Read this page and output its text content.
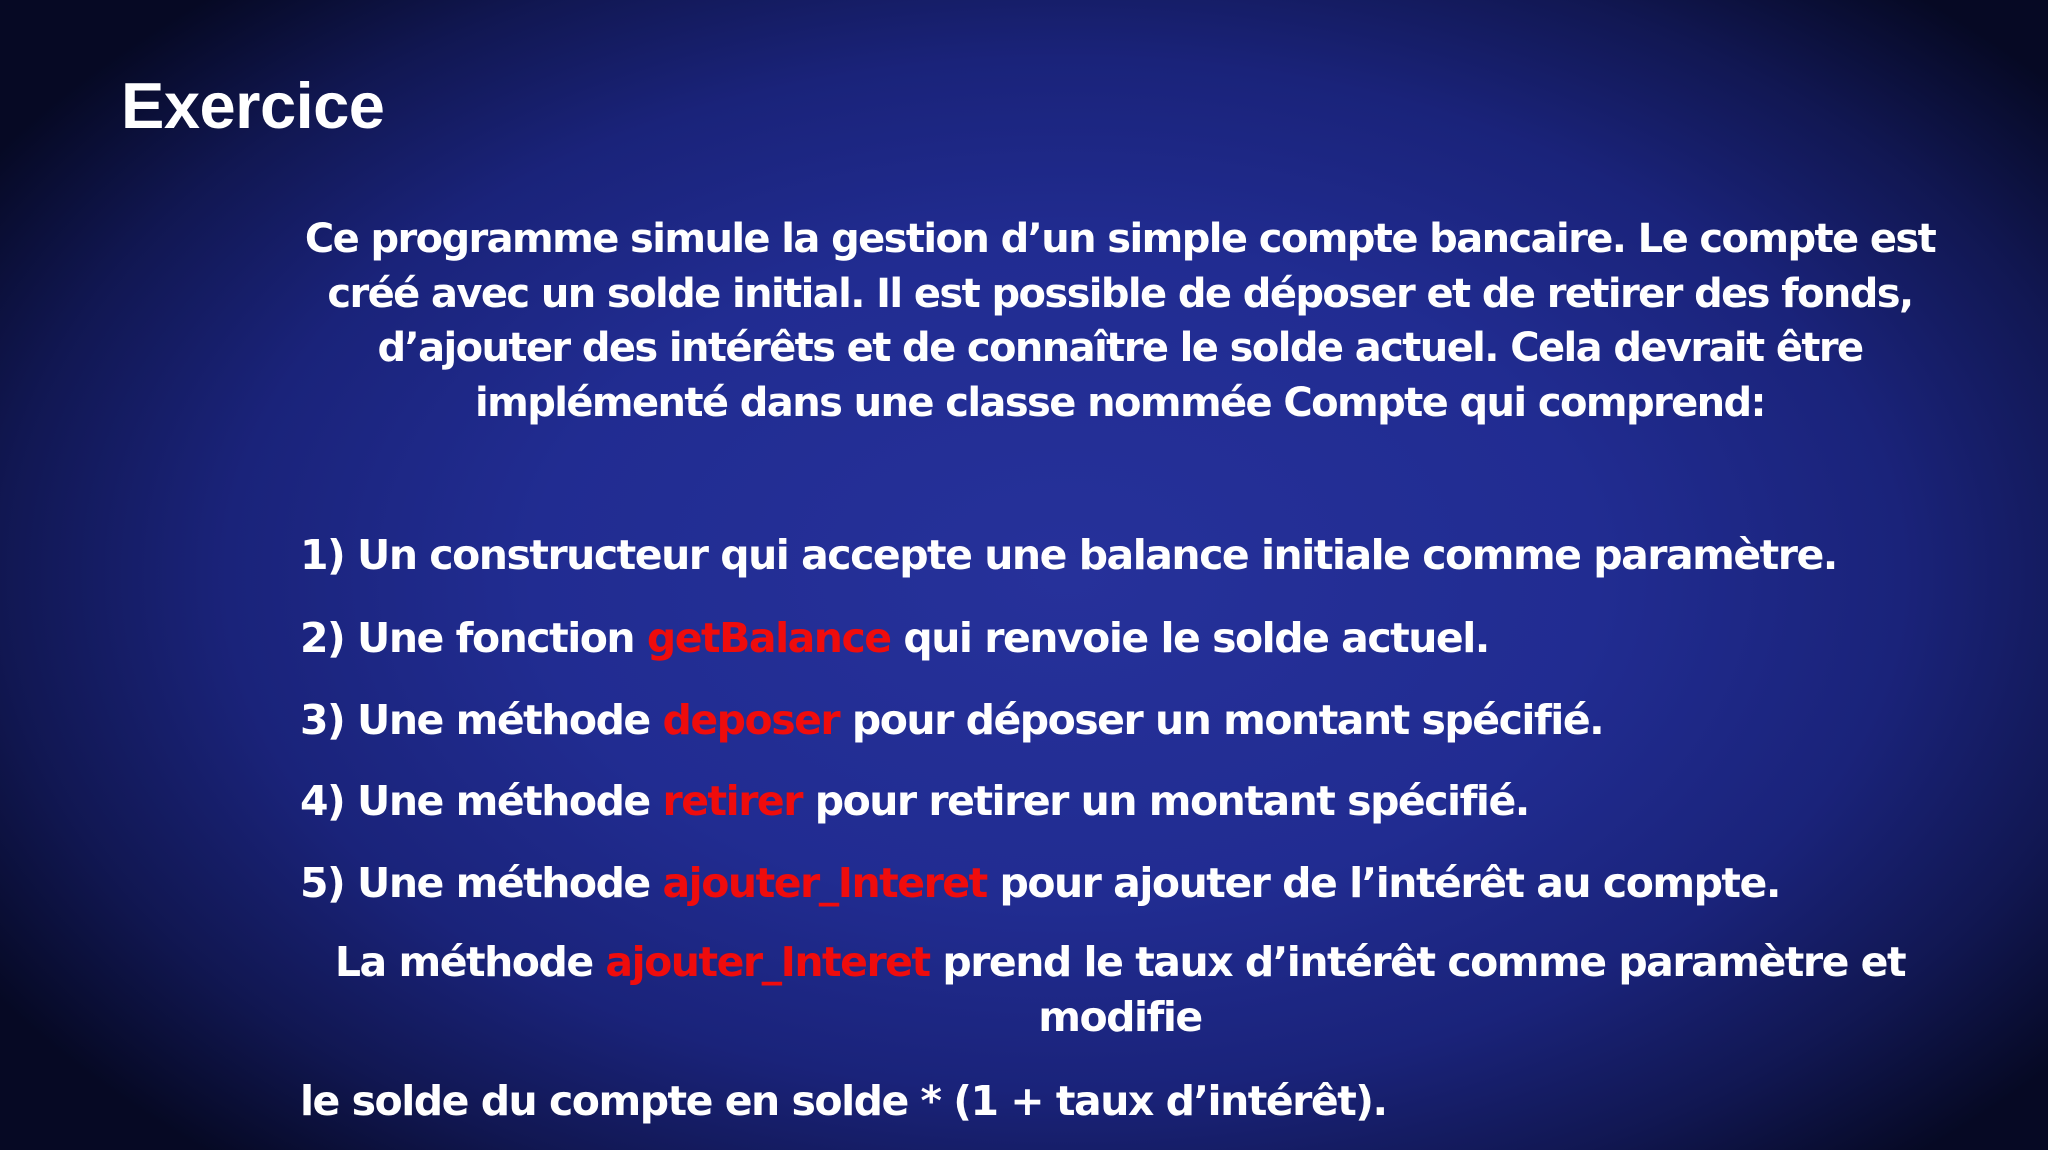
Exercice

Ce programme simule la gestion d’un simple compte bancaire. Le compte est créé avec un solde initial. Il est possible de déposer et de retirer des fonds, d’ajouter des intérêts et de connaître le solde actuel. Cela devrait être implémenté dans une classe nommée Compte qui comprend:

1) Un constructeur qui accepte une balance initiale comme paramètre.

2) Une fonction getBalance qui renvoie le solde actuel.

3) Une méthode deposer pour déposer un montant spécifié.

4) Une méthode retirer pour retirer un montant spécifié.

5) Une méthode ajouter_Interet pour ajouter de l’intérêt au compte.

La méthode ajouter_Interet prend le taux d’intérêt comme paramètre et modifie

le solde du compte en solde * (1 + taux d’intérêt).
